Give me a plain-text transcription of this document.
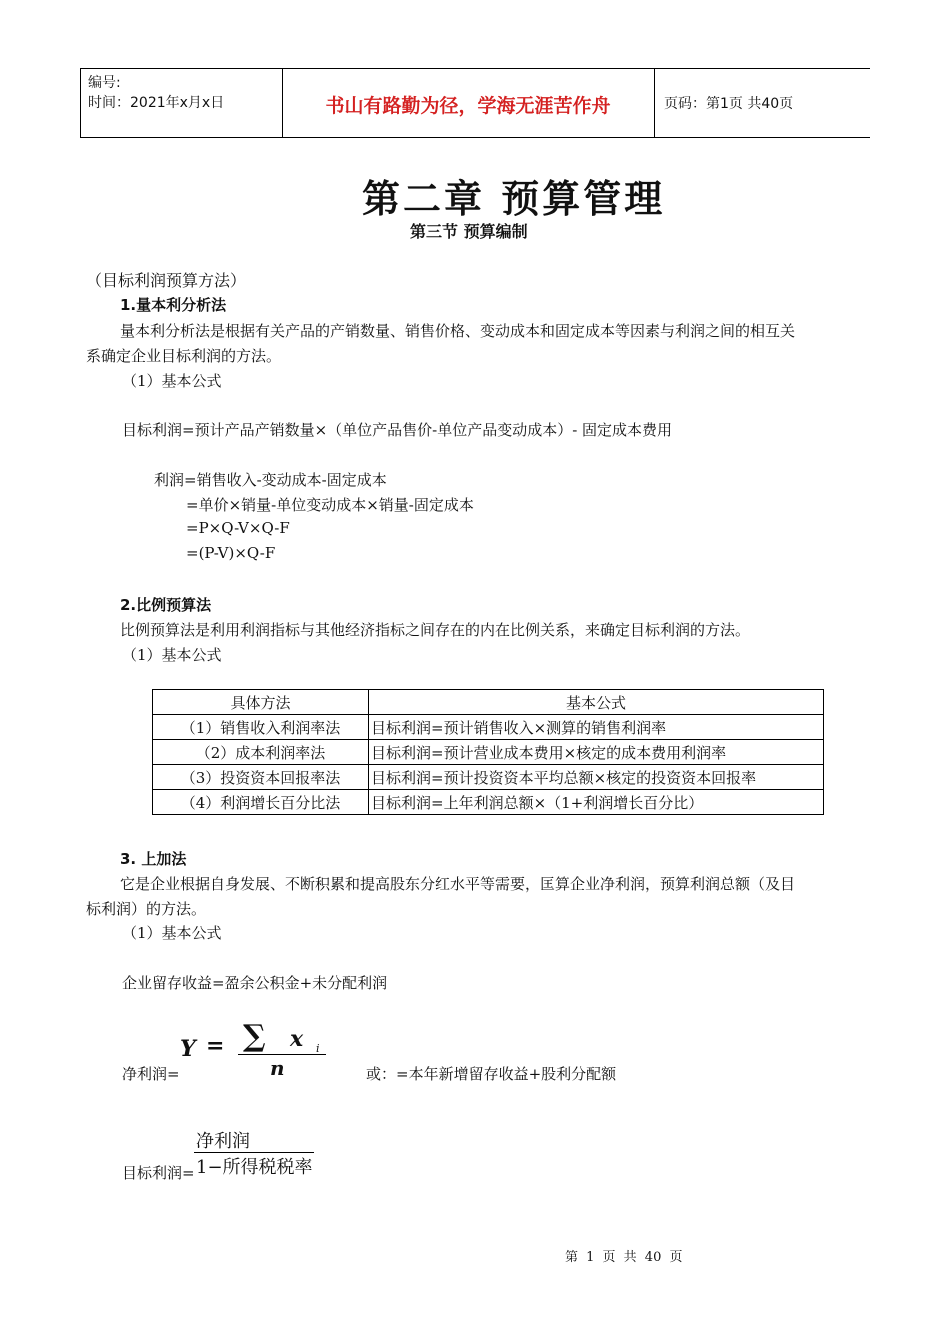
编号:
时间：2021年x月x日	书山有路勤为径，学海无涯苦作舟	页码：第1页 共40页
第二章 预算管理
第三节 预算编制
（目标利润预算方法）
1.量本利分析法
量本利分析法是根据有关产品的产销数量、销售价格、变动成本和固定成本等因素与利润之间的相互关
系确定企业目标利润的方法。
（1）基本公式
目标利润=预计产品产销数量×（单位产品售价-单位产品变动成本）- 固定成本费用
利润=销售收入-变动成本-固定成本
=单价×销量-单位变动成本×销量-固定成本
=P×Q-V×Q-F
=(P-V)×Q-F
2.比例预算法
比例预算法是利用利润指标与其他经济指标之间存在的内在比例关系，来确定目标利润的方法。
（1）基本公式
具体方法	基本公式
（1）销售收入利润率法	目标利润=预计销售收入×测算的销售利润率
（2）成本利润率法	目标利润=预计营业成本费用×核定的成本费用利润率
（3）投资资本回报率法	目标利润=预计投资资本平均总额×核定的投资资本回报率
（4）利润增长百分比法	目标利润=上年利润总额×（1+利润增长百分比）
3. 上加法
它是企业根据自身发展、不断积累和提高股东分红水平等需要，匡算企业净利润，预算利润总额（及目
标利润）的方法。
（1）基本公式
企业留存收益=盈余公积金+未分配利润
净利润=
Y = ∑ x i
n	或：=本年新增留存收益+股利分配额
目标利润=
净利润
1−所得税税率
第 1 页 共 40 页
